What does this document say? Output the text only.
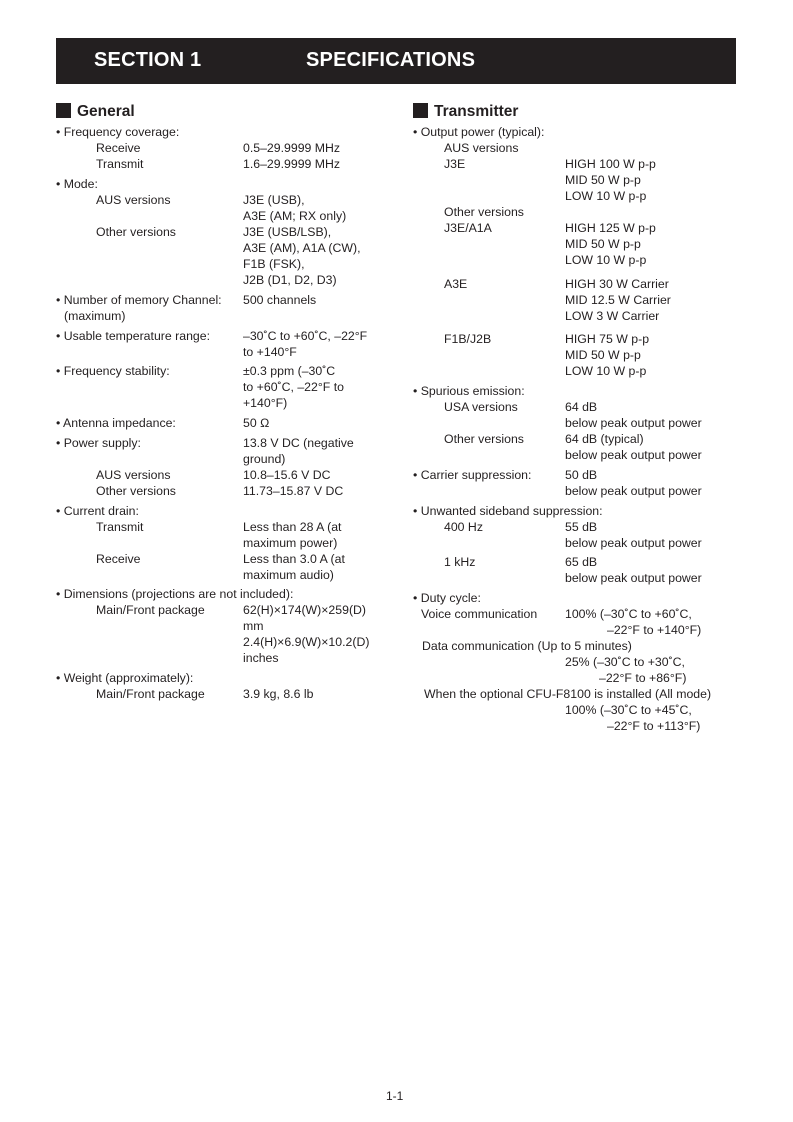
SECTION 1	SPECIFICATIONS
General
• Frequency coverage:
Receive	0.5–29.9999 MHz
Transmit	1.6–29.9999 MHz
• Mode:
AUS versions	J3E (USB),
A3E (AM; RX only)
Other versions	J3E (USB/LSB),
A3E (AM), A1A (CW),
F1B (FSK),
J2B (D1, D2, D3)
• Number of memory Channel: 500 channels
(maximum)
• Usable temperature range:	–30˚C to +60˚C, –22°F
to +140°F
• Frequency stability:	±0.3 ppm (–30˚C
to +60˚C, –22°F to
+140°F)
• Antenna impedance:	50 Ω
• Power supply:	13.8 V DC (negative
ground)
AUS versions	10.8–15.6 V DC
Other versions	11.73–15.87 V DC
• Current drain:
Transmit	Less than 28 A (at
maximum power)
Receive	Less than 3.0 A (at
maximum audio)
• Dimensions (projections are not included):
Main/Front package	62(H)×174(W)×259(D)
mm
2.4(H)×6.9(W)×10.2(D)
inches
• Weight (approximately):
Main/Front package	3.9 kg, 8.6 lb
Transmitter
• Output power (typical):
AUS versions
J3E	HIGH 100 W p-p
MID 50 W p-p
LOW 10 W p-p
Other versions
J3E/A1A	HIGH 125 W p-p
MID 50 W p-p
LOW 10 W p-p
A3E	HIGH 30 W Carrier
MID 12.5 W Carrier
LOW 3 W Carrier
F1B/J2B	HIGH 75 W p-p
MID 50 W p-p
LOW 10 W p-p
• Spurious emission:
USA versions	64 dB
below peak output power
Other versions	64 dB (typical)
below peak output power
• Carrier suppression:	50 dB
below peak output power
• Unwanted sideband suppression:
400 Hz	55 dB
below peak output power
1 kHz	65 dB
below peak output power
• Duty cycle:
Voice communication 100% (–30˚C to +60˚C,
–22°F to +140°F)
Data communication (Up to 5 minutes)
25% (–30˚C to +30˚C,
–22°F to +86°F)
When the optional CFU-F8100 is installed (All mode)
100% (–30˚C to +45˚C,
–22°F to +113°F)
1-1
